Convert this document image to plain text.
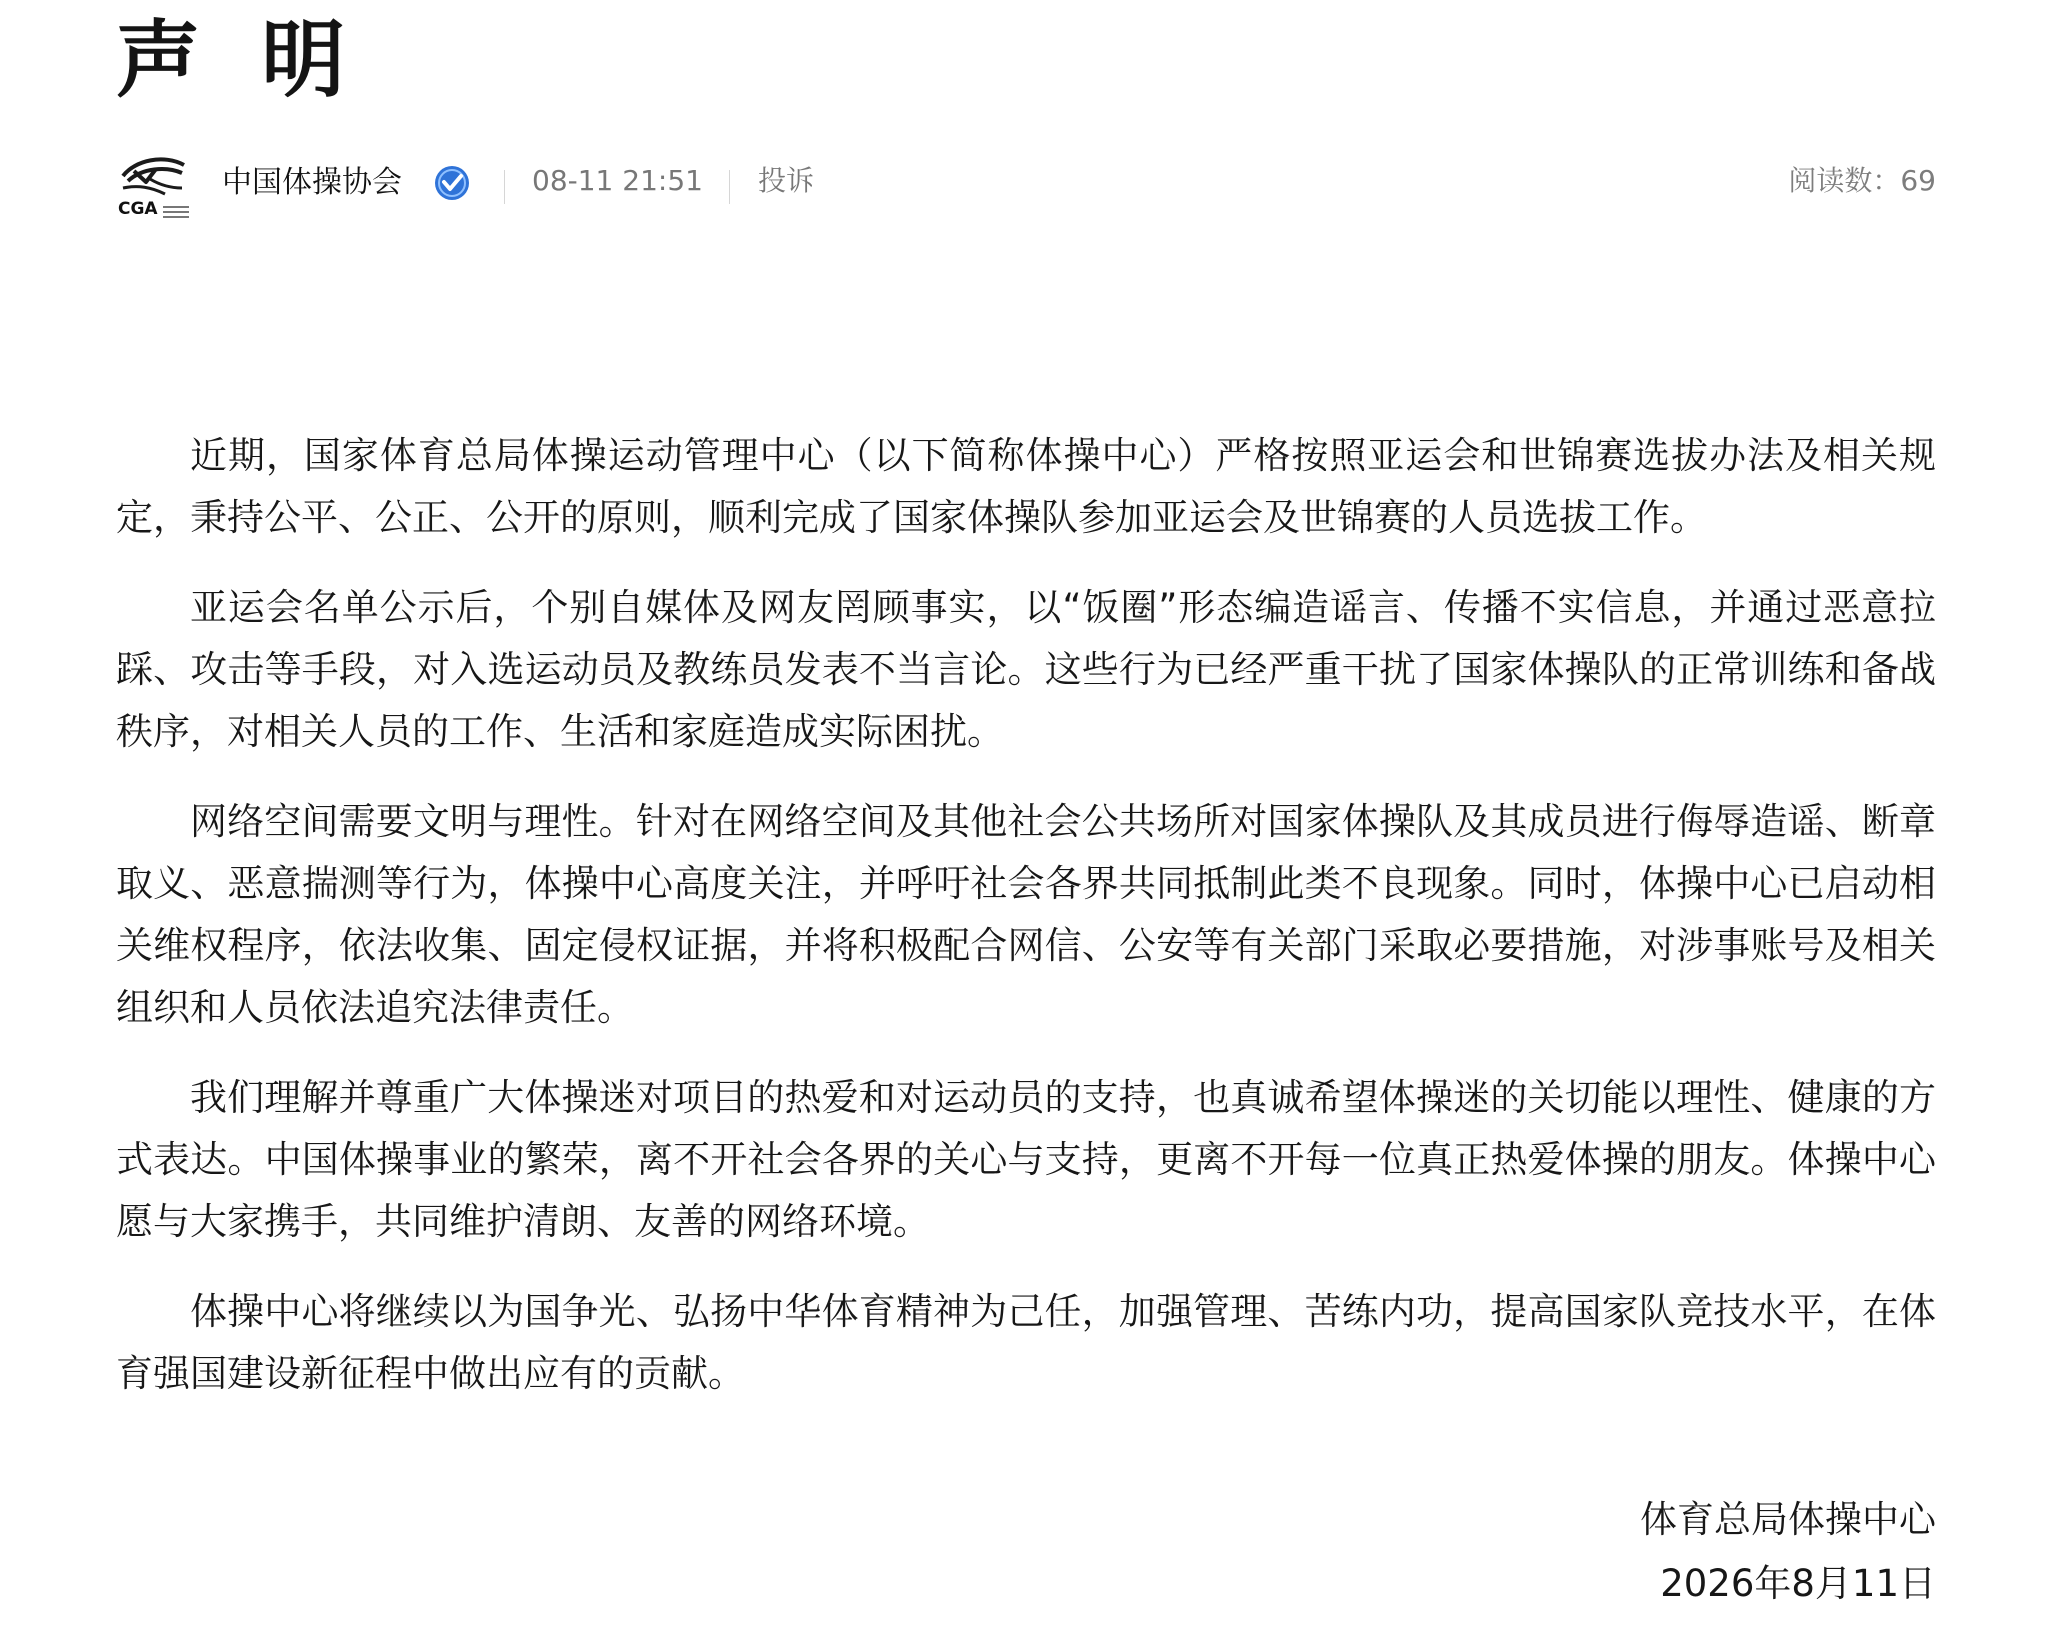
声 明
CGA
中国体操协会	08-11 21:51 投诉	阅读数：69

近期，国家体育总局体操运动管理中心（以下简称体操中心）严格按照亚运会和世锦赛选拔办法及相关规定，秉持公平、公正、公开的原则，顺利完成了国家体操队参加亚运会及世锦赛的人员选拔工作。

亚运会名单公示后，个别自媒体及网友罔顾事实，以“饭圈”形态编造谣言、传播不实信息，并通过恶意拉踩、攻击等手段，对入选运动员及教练员发表不当言论。这些行为已经严重干扰了国家体操队的正常训练和备战秩序，对相关人员的工作、生活和家庭造成实际困扰。

网络空间需要文明与理性。针对在网络空间及其他社会公共场所对国家体操队及其成员进行侮辱造谣、断章取义、恶意揣测等行为，体操中心高度关注，并呼吁社会各界共同抵制此类不良现象。同时，体操中心已启动相关维权程序，依法收集、固定侵权证据，并将积极配合网信、公安等有关部门采取必要措施，对涉事账号及相关组织和人员依法追究法律责任。

我们理解并尊重广大体操迷对项目的热爱和对运动员的支持，也真诚希望体操迷的关切能以理性、健康的方式表达。中国体操事业的繁荣，离不开社会各界的关心与支持，更离不开每一位真正热爱体操的朋友。体操中心愿与大家携手，共同维护清朗、友善的网络环境。

体操中心将继续以为国争光、弘扬中华体育精神为己任，加强管理、苦练内功，提高国家队竞技水平，在体育强国建设新征程中做出应有的贡献。

体育总局体操中心
2026年8月11日
